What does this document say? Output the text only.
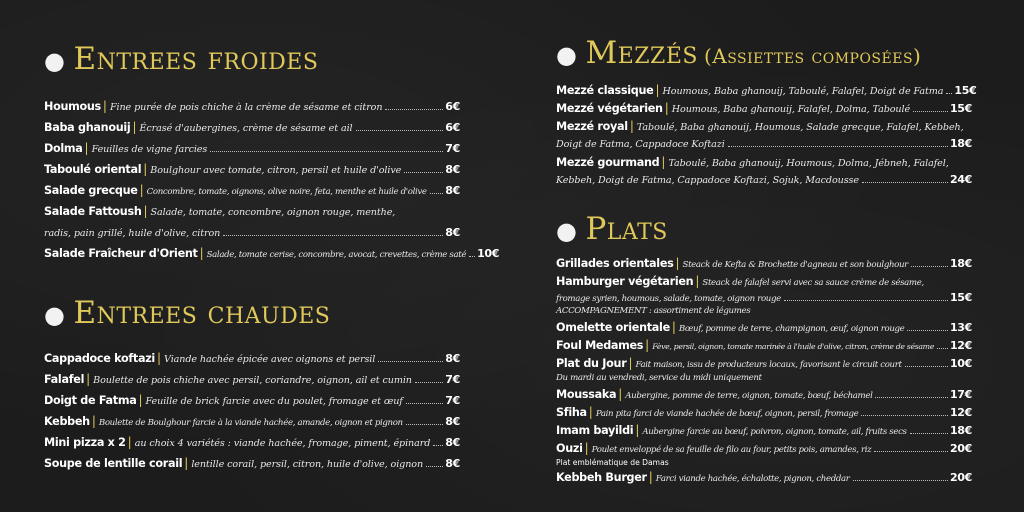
● Entrees froides
Houmous | Fine purée de pois chiche à la crème de sésame et citron	6€
Baba ghanouij | Écrasé d'aubergines, crème de sésame et ail	6€
Dolma | Feuilles de vigne farcies	7€
Taboulé oriental | Boulghour avec tomate, citron, persil et huile d'olive	8€
Salade grecque | Concombre, tomate, oignons, olive noire, feta, menthe et huile d'olive 8€
Salade Fattoush | Salade, tomate, concombre, oignon rouge, menthe,
radis, pain grillé, huile d'olive, citron	8€
Salade Fraîcheur d'Orient | Salade, tomate cerise, concombre, avocat, crevettes, crème saté 10€
● Entrees chaudes
Cappadoce koftazi | Viande hachée épicée avec oignons et persil	8€
Falafel | Boulette de pois chiche avec persil, coriandre, oignon, ail et cumin	7€
Doigt de Fatma | Feuille de brick farcie avec du poulet, fromage et œuf	7€
Kebbeh | Boulette de Boulghour farcie à la viande hachée, amande, oignon et pignon	8€
Mini pizza x 2 | au choix 4 variétés : viande hachée, fromage, piment, épinard 8€
Soupe de lentille corail | lentille corail, persil, citron, huile d'olive, oignon 8€
● Mezzés (Assiettes composées)
Mezzé classique | Houmous, Baba ghanouij, Taboulé, Falafel, Doigt de Fatma 15€
Mezzé végétarien | Houmous, Baba ghanouij, Falafel, Dolma, Taboulé	15€
Mezzé royal | Taboulé, Baba ghanouij, Houmous, Salade grecque, Falafel, Kebbeh,
Doigt de Fatma, Cappadoce Koftazi	18€
Mezzé gourmand | Taboulé, Baba ghanouij, Houmous, Dolma, Jébneh, Falafel,
Kebbeh, Doigt de Fatma, Cappadoce Koftazi, Sojuk, Macdousse	24€
● Plats
Grillades orientales | Steack de Kefta & Brochette d'agneau et son boulghour	18€
Hamburger végétarien | Steack de falafel servi avec sa sauce crème de sésame,
fromage syrien, houmous, salade, tomate, oignon rouge	15€
ACCOMPAGNEMENT : assortiment de légumes
Omelette orientale | Bœuf, pomme de terre, champignon, œuf, oignon rouge	13€
Foul Medames | Fève, persil, oignon, tomate marinée à l'huile d'olive, citron, crème de sésame 12€
Plat du Jour | Fait maison, issu de producteurs locaux, favorisant le circuit court	10€
Du mardi au vendredi, service du midi uniquement
Moussaka | Aubergine, pomme de terre, oignon, tomate, bœuf, béchamel	17€
Sfiha | Pain pita farci de viande hachée de bœuf, oignon, persil, fromage	12€
Imam bayildi | Aubergine farcie au bœuf, poivron, oignon, tomate, ail, fruits secs	18€
Ouzi | Poulet enveloppé de sa feuille de filo au four, petits pois, amandes, riz	20€
Plat emblématique de Damas
Kebbeh Burger | Farci viande hachée, échalotte, pignon, cheddar	20€
